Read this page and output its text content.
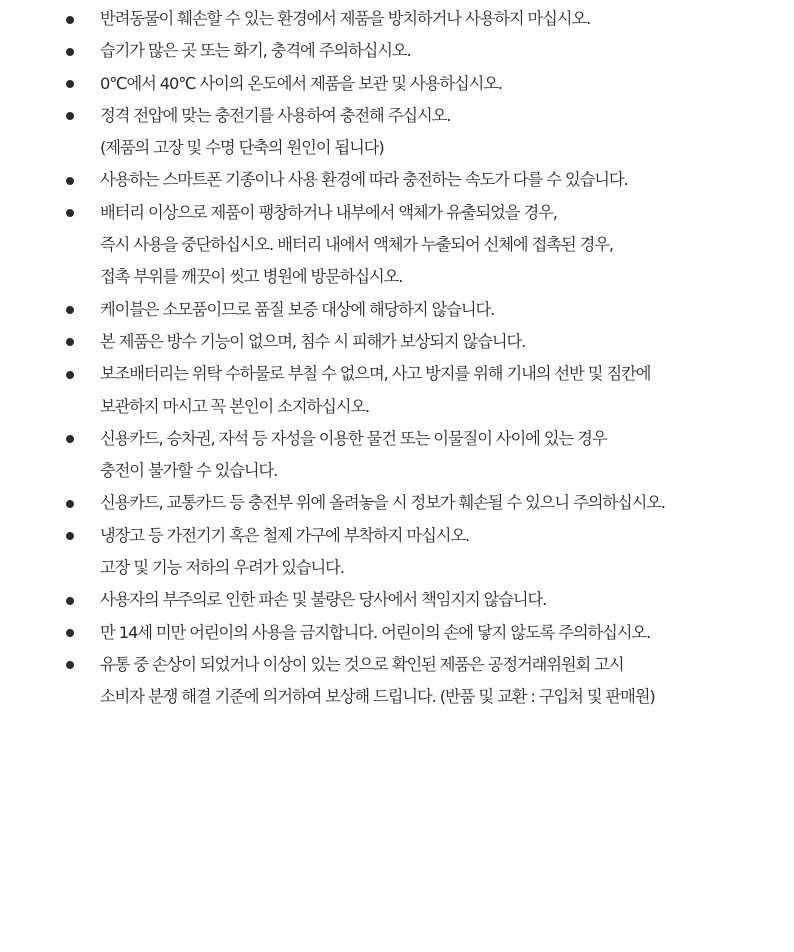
반려동물이 훼손할 수 있는 환경에서 제품을 방치하거나 사용하지 마십시오.
습기가 많은 곳 또는 화기, 충격에 주의하십시오.
0℃에서 40℃ 사이의 온도에서 제품을 보관 및 사용하십시오.
정격 전압에 맞는 충전기를 사용하여 충전해 주십시오.
(제품의 고장 및 수명 단축의 원인이 됩니다)
사용하는 스마트폰 기종이나 사용 환경에 따라 충전하는 속도가 다를 수 있습니다.
배터리 이상으로 제품이 팽창하거나 내부에서 액체가 유출되었을 경우,
즉시 사용을 중단하십시오. 배터리 내에서 액체가 누출되어 신체에 접촉된 경우,
접촉 부위를 깨끗이 씻고 병원에 방문하십시오.
케이블은 소모품이므로 품질 보증 대상에 해당하지 않습니다.
본 제품은 방수 기능이 없으며, 침수 시 피해가 보상되지 않습니다.
보조배터리는 위탁 수하물로 부칠 수 없으며, 사고 방지를 위해 기내의 선반 및 짐칸에
보관하지 마시고 꼭 본인이 소지하십시오.
신용카드, 승차권, 자석 등 자성을 이용한 물건 또는 이물질이 사이에 있는 경우
충전이 불가할 수 있습니다.
신용카드, 교통카드 등 충전부 위에 올려놓을 시 정보가 훼손될 수 있으니 주의하십시오.
냉장고 등 가전기기 혹은 철제 가구에 부착하지 마십시오.
고장 및 기능 저하의 우려가 있습니다.
사용자의 부주의로 인한 파손 및 불량은 당사에서 책임지지 않습니다.
만 14세 미만 어린이의 사용을 금지합니다. 어린이의 손에 닿지 않도록 주의하십시오.
유통 중 손상이 되었거나 이상이 있는 것으로 확인된 제품은 공정거래위원회 고시
소비자 분쟁 해결 기준에 의거하여 보상해 드립니다. (반품 및 교환 : 구입처 및 판매원)
